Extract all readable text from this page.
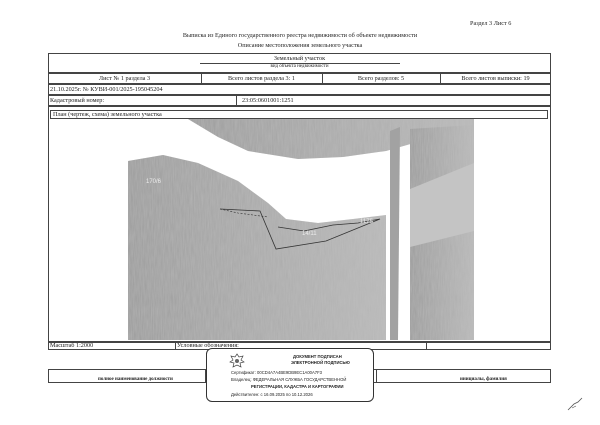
Раздел 3 Лист 6
Выписка из Единого государственного реестра недвижимости об объекте недвижимости
Описание местоположения земельного участка
Земельный участок
вид объекта недвижимости
Лист № 1 раздела 3	Всего листов раздела 3: 1	Всего разделов: 5	Всего листов выписки: 19
21.10.2025г. № КУВИ-001/2025-195045204
Кадастровый номер:	23:05:0601001:1251
План (чертеж, схема) земельного участка
170/6
14/11
1175
Масштаб 1:2000	Условные обозначения:
полное наименование должности	инициалы, фамилия
ДОКУМЕНТ ПОДПИСАН
ЭЛЕКТРОННОЙ ПОДПИСЬЮ
Сертификат: 00CD4A7A4BE9DB9EC1A00A7F3
Владелец: ФЕДЕРАЛЬНАЯ СЛУЖБА ГОСУДАРСТВЕННОЙ
РЕГИСТРАЦИИ, КАДАСТРА И КАРТОГРАФИИ
Действителен: с 16.09.2025 по 10.12.2026
